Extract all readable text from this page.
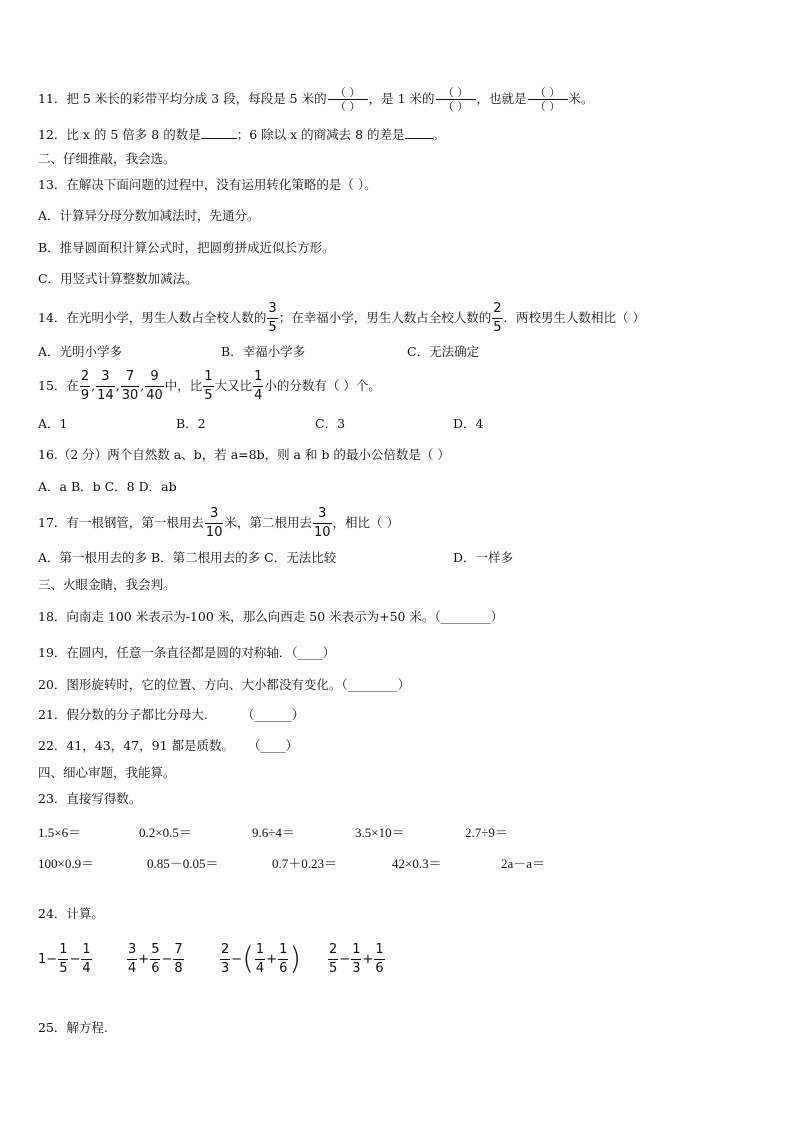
11．把 5 米长的彩带平均分成 3 段，每段是 5 米的 $\frac{( )}{( )}$ ，是 1 米的 $\frac{( )}{( )}$ ，也就是 $\frac{( )}{( )}$ 米。
12．比 x 的 5 倍多 8 的数是	；6 除以 x 的商减去 8 的差是 。
二、仔细推敲，我会选。
13．在解决下面问题的过程中，没有运用转化策略的是（ ）。
A．计算异分母分数加减法时，先通分。
B．推导圆面积计算公式时，把圆剪拼成近似长方形。
C．用竖式计算整数加减法。
14．在光明小学，男生人数占全校人数的 $\frac{3}{5}$ ；在幸福小学，男生人数占全校人数的 $\frac{2}{5}$ ．两校男生人数相比（ ）
A．光明小学多	B．幸福小学多	C．无法确定
15．在 $\frac{2}{9}$ , $\frac{3}{14}$ , $\frac{7}{30}$ , $\frac{9}{40}$ 中，比 $\frac{1}{5}$ 大又比 $\frac{1}{4}$ 小的分数有（ ）个。
A．1	B．2	C．3	D．4
16.（2 分）两个自然数 a、b，若 a=8b，则 a 和 b 的最小公倍数是（ ）
A．a B．b C．8 D．ab
17．有一根钢管，第一根用去 $\frac{3}{10}$ 米，第二根用去 $\frac{3}{10}$ ，相比（ ）
A．第一根用去的多 B．第二根用去的多 C．无法比较	D．一样多
三、火眼金睛，我会判。
18．向南走 100 米表示为-100 米，那么向西走 50 米表示为+50 米。（________）
19．在圆内，任意一条直径都是圆的对称轴．（____）
20．图形旋转时，它的位置、方向、大小都没有变化。（________）
21．假分数的分子都比分母大.	（______）
22．41，43，47，91 都是质数。 （____）
四、细心审题，我能算。
23．直接写得数。
1.5×6＝	0.2×0.5＝	9.6÷4＝	3.5×10＝	2.7÷9＝
100×0.9＝	0.85－0.05＝	0.7＋0.23＝	42×0.3＝	2a－a＝
24．计算。
$1- \frac{1}{5} - \frac{1}{4}$	$\frac{3}{4} + \frac{5}{6} - \frac{7}{8}$	$\frac{2}{3}$ −( $\frac{1}{4} + \frac{1}{6}$ ) $\frac{2}{5} - \frac{1}{3} + \frac{1}{6}$
25．解方程.
